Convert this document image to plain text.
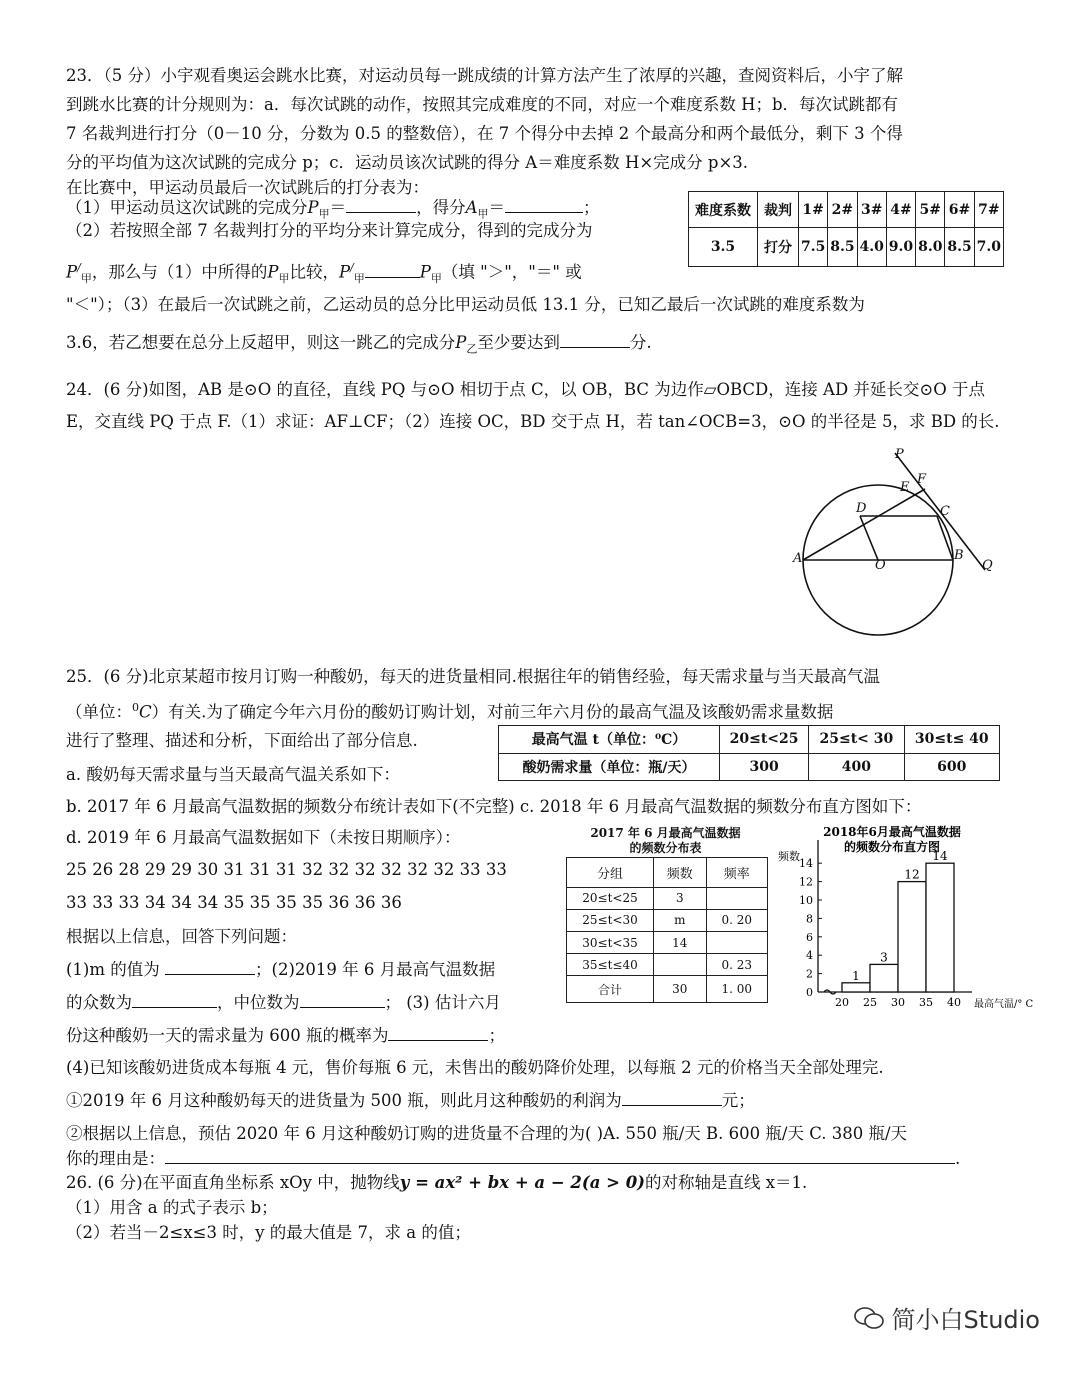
23．（5 分）小宇观看奥运会跳水比赛，对运动员每一跳成绩的计算方法产生了浓厚的兴趣，查阅资料后，小宇了解
到跳水比赛的计分规则为：a．每次试跳的动作，按照其完成难度的不同，对应一个难度系数 H；b．每次试跳都有
7 名裁判进行打分（0－10 分，分数为 0.5 的整数倍），在 7 个得分中去掉 2 个最高分和两个最低分，剩下 3 个得
分的平均值为这次试跳的完成分 p；c．运动员该次试跳的得分 A＝难度系数 H×完成分 p×3.
在比赛中，甲运动员最后一次试跳后的打分表为：
（1）甲运动员这次试跳的完成分$P_甲=$	，得分$A_甲=$	；
（2）若按照全部 7 名裁判打分的平均分来计算完成分，得到的完成分为
$P^/_甲$，那么与（1）中所得的$P_甲$比较，$P^/_甲$	$P_甲$（填 "＞"，"＝" 或
"＜"）；（3）在最后一次试跳之前，乙运动员的总分比甲运动员低 13.1 分，已知乙最后一次试跳的难度系数为
3.6，若乙想要在总分上反超甲，则这一跳乙的完成分$P_乙$至少要达到	分.
难度系数	裁判	1#	2#	3#	4#	5#	6#	7#
3.5	打分	7.5	8.5	4.0	9.0	8.0	8.5	7.0
24．(6 分)如图，AB 是⊙O 的直径，直线 PQ 与⊙O 相切于点 C，以 OB，BC 为边作▱OBCD，连接 AD 并延长交⊙O 于点
E，交直线 PQ 于点 F.（1）求证：AF⊥CF；（2）连接 OC，BD 交于点 H，若 tan∠OCB=3，⊙O 的半径是 5，求 BD 的长.
P
F
E
D	C
A	O
B
Q
25．(6 分)北京某超市按月订购一种酸奶，每天的进货量相同.根据往年的销售经验，每天需求量与当天最高气温
（单位：$^0$C）有关.为了确定今年六月份的酸奶订购计划，对前三年六月份的最高气温及该酸奶需求量数据
进行了整理、描述和分析，下面给出了部分信息.	最高气温 t（单位：⁰C）	20≤t<25	25≤t< 30	30≤t≤ 40
酸奶需求量（单位：瓶/天）	300	400	600
a. 酸奶每天需求量与当天最高气温关系如下：
b. 2017 年 6 月最高气温数据的频数分布统计表如下(不完整) c. 2018 年 6 月最高气温数据的频数分布直方图如下：
d. 2019 年 6 月最高气温数据如下（未按日期顺序）：
25 26 28 29 29 30 31 31 31 32 32 32 32 32 32 33 33
33 33 33 34 34 34 35 35 35 35 36 36 36
根据以上信息，回答下列问题：
(1)m 的值为	；(2)2019 年 6 月最高气温数据
的众数为	，中位数为	； (3) 估计六月
份这种酸奶一天的需求量为 600 瓶的概率为	；
(4)已知该酸奶进货成本每瓶 4 元，售价每瓶 6 元，未售出的酸奶降价处理，以每瓶 2 元的价格当天全部处理完.
①2019 年 6 月这种酸奶每天的进货量为 500 瓶，则此月这种酸奶的利润为	元；
②根据以上信息，预估 2020 年 6 月这种酸奶订购的进货量不合理的为( )A. 550 瓶/天 B. 600 瓶/天 C. 380 瓶/天
你的理由是：	.
2017 年 6 月最高气温数据
的频数分布表
分组	频数	频率
20≤t<25	3	
25≤t<30	m	0. 20
30≤t<35	14	
35≤t≤40		0. 23
合计	30	1. 00
2018年6月最高气温数据
的频数分布直方图
频数
最高气温/° C
0
2
4
6
8
10
12
14
20 25 30 35 40
1
3
12
14
26. (6 分)在平面直角坐标系 xOy 中，抛物线y = ax² + bx + a − 2(a > 0)的对称轴是直线 x＝1.
（1）用含 a 的式子表示 b；
（2）若当－2≤x≤3 时，y 的最大值是 7，求 a 的值；
简小白Studio
